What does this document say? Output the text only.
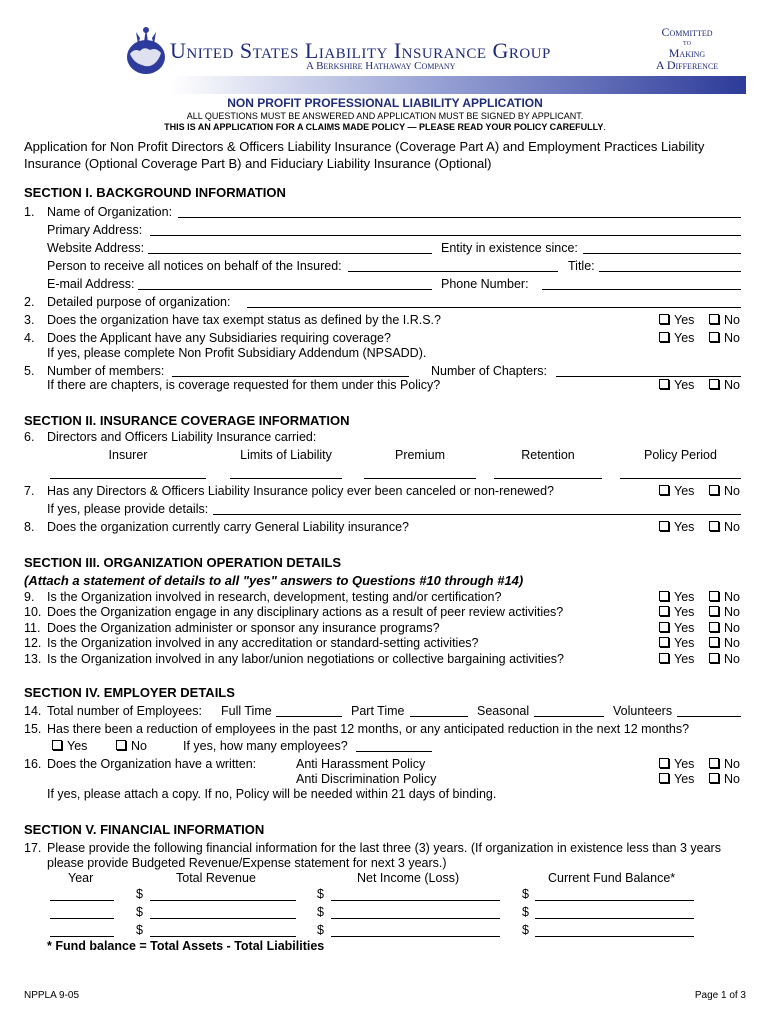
United States Liability Insurance Group
A Berkshire Hathaway Company
Committed
to
Making
A Difference
NON PROFIT PROFESSIONAL LIABILITY APPLICATION
ALL QUESTIONS MUST BE ANSWERED AND APPLICATION MUST BE SIGNED BY APPLICANT.
THIS IS AN APPLICATION FOR A CLAIMS MADE POLICY — PLEASE READ YOUR POLICY CAREFULLY.
Application for Non Profit Directors & Officers Liability Insurance (Coverage Part A) and Employment Practices Liability
Insurance (Optional Coverage Part B) and Fiduciary Liability Insurance (Optional)
SECTION I. BACKGROUND INFORMATION
1. Name of Organization:
Primary Address:
Website Address:	Entity in existence since:
Person to receive all notices on behalf of the Insured:	Title:
E-mail Address:	Phone Number:
2. Detailed purpose of organization:
3. Does the organization have tax exempt status as defined by the I.R.S.?	Yes	No
4. Does the Applicant have any Subsidiaries requiring coverage?	Yes	No
If yes, please complete Non Profit Subsidiary Addendum (NPSADD).
5. Number of members:	Number of Chapters:
If there are chapters, is coverage requested for them under this Policy?	Yes	No
SECTION II. INSURANCE COVERAGE INFORMATION
6. Directors and Officers Liability Insurance carried:
Insurer	Limits of Liability	Premium	Retention	Policy Period
7. Has any Directors & Officers Liability Insurance policy ever been canceled or non-renewed?	Yes	No
If yes, please provide details:
8. Does the organization currently carry General Liability insurance?	Yes	No
SECTION III. ORGANIZATION OPERATION DETAILS
(Attach a statement of details to all "yes" answers to Questions #10 through #14)
9. Is the Organization involved in research, development, testing and/or certification?	Yes	No
10. Does the Organization engage in any disciplinary actions as a result of peer review activities?	Yes	No
11. Does the Organization administer or sponsor any insurance programs?	Yes	No
12. Is the Organization involved in any accreditation or standard-setting activities?	Yes	No
13. Is the Organization involved in any labor/union negotiations or collective bargaining activities?	Yes	No
SECTION IV. EMPLOYER DETAILS
14. Total number of Employees: Full Time	Part Time	Seasonal	Volunteers
15. Has there been a reduction of employees in the past 12 months, or any anticipated reduction in the next 12 months?
Yes	No	If yes, how many employees?
16. Does the Organization have a written:	Anti Harassment Policy	Yes	No
Anti Discrimination Policy	Yes	No
If yes, please attach a copy. If no, Policy will be needed within 21 days of binding.
SECTION V. FINANCIAL INFORMATION
17. Please provide the following financial information for the last three (3) years. (If organization in existence less than 3 years
please provide Budgeted Revenue/Expense statement for next 3 years.)
Year	Total Revenue	Net Income (Loss)	Current Fund Balance*
$	$	$
$	$	$
$	$	$
* Fund balance = Total Assets - Total Liabilities
NPPLA 9-05	Page 1 of 3
